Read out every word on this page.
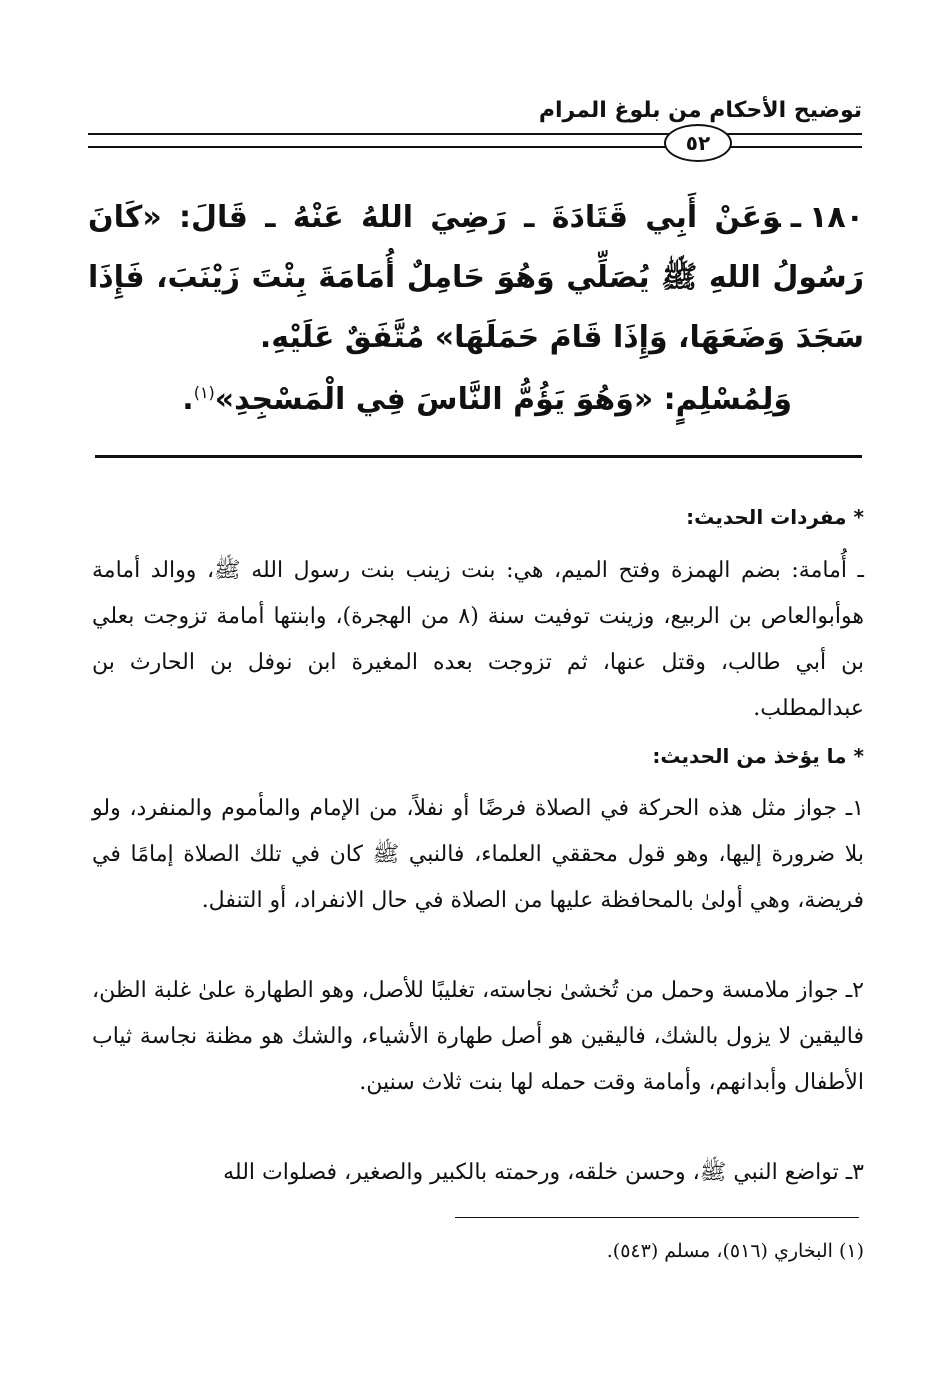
توضيح الأحكام من بلوغ المرام
٥٢

١٨٠ـوَعَنْ أَبِي قَتَادَةَ ـ رَضِيَ اللهُ عَنْهُ ـ قَالَ: «كَانَ رَسُولُ اللهِ ﷺ يُصَلِّي وَهُوَ حَامِلٌ أُمَامَةَ بِنْتَ زَيْنَبَ، فَإِذَا سَجَدَ وَضَعَهَا، وَإِذَا قَامَ حَمَلَهَا» مُتَّفَقٌ عَلَيْهِ.

وَلِمُسْلِمٍ: «وَهُوَ يَؤُمُّ النَّاسَ فِي الْمَسْجِدِ»$^{(١)}$.

* مفردات الحديث:

ـ أُمامة: بضم الهمزة وفتح الميم، هي: بنت زينب بنت رسول الله ﷺ، ووالد أمامة هوأبوالعاص بن الربيع، وزينت توفيت سنة (٨ من الهجرة)، وابنتها أمامة تزوجت بعلي بن أبي طالب، وقتل عنها، ثم تزوجت بعده المغيرة ابن نوفل بن الحارث بن عبدالمطلب.

* ما يؤخذ من الحديث:

١ـ جواز مثل هذه الحركة في الصلاة فرضًا أو نفلاً، من الإمام والمأموم والمنفرد، ولو بلا ضرورة إليها، وهو قول محققي العلماء، فالنبي ﷺ كان في تلك الصلاة إمامًا في فريضة، وهي أولىٰ بالمحافظة عليها من الصلاة في حال الانفراد، أو التنفل.

٢ـ جواز ملامسة وحمل من تُخشىٰ نجاسته، تغليبًا للأصل، وهو الطهارة علىٰ غلبة الظن، فاليقين لا يزول بالشك، فاليقين هو أصل طهارة الأشياء، والشك هو مظنة نجاسة ثياب الأطفال وأبدانهم، وأمامة وقت حمله لها بنت ثلاث سنين.

٣ـ تواضع النبي ﷺ، وحسن خلقه، ورحمته بالكبير والصغير، فصلوات الله

(١) البخاري (٥١٦)، مسلم (٥٤٣).
